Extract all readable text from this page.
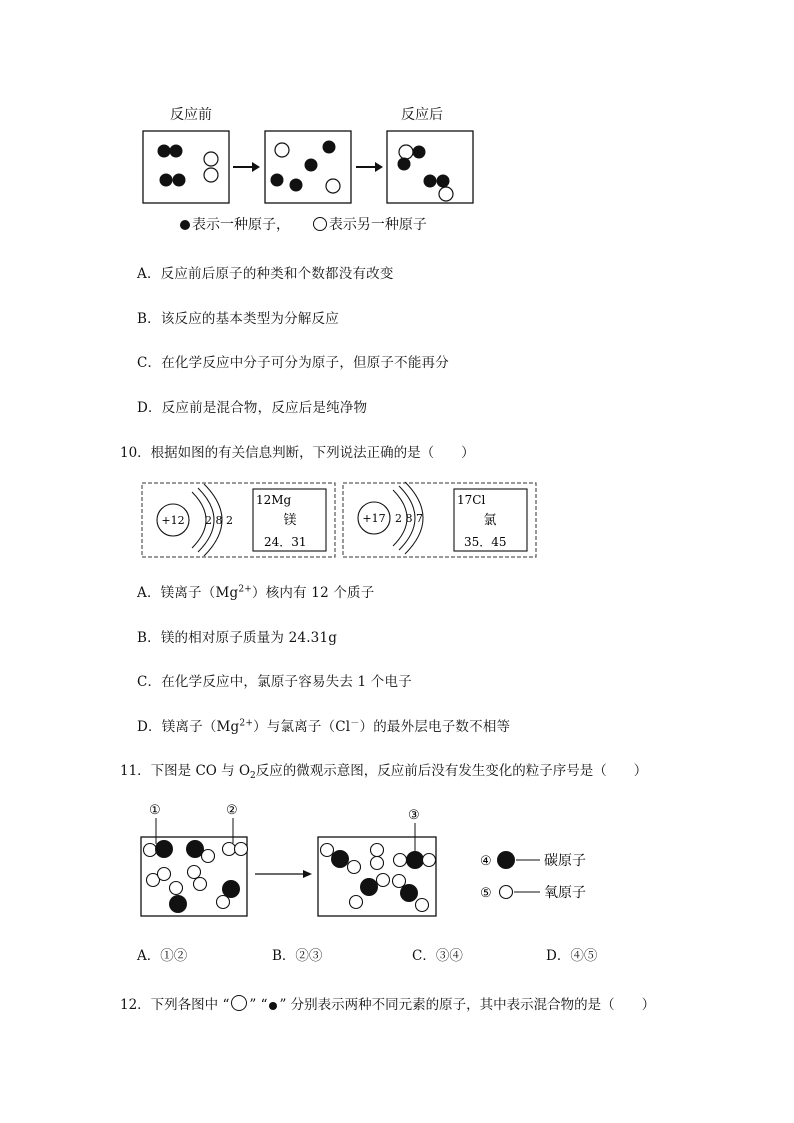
反应前	反应后
表示一种原子，	表示另一种原子
A．反应前后原子的种类和个数都没有改变
B．该反应的基本类型为分解反应
C．在化学反应中分子可分为原子，但原子不能再分
D．反应前是混合物，反应后是纯净物
10．根据如图的有关信息判断，下列说法正确的是（　　）
+12 2 8 2
12Mg
镁
24．31
+17 2 8 7
17Cl
氯
35．45
A．镁离子$(Mg^{2+})$核内有 12 个质子
B．镁的相对原子质量为 24.31g
C．在化学反应中，氯原子容易失去 1 个电子
D．镁离子$(Mg^{2+})$与氯离子（Cl－）的最外层电子数不相等
11．下图是 CO 与 $O_2$反应的微观示意图，反应前后没有发生变化的粒子序号是（　　）
①	②	③
④	碳原子
⑤	氧原子
A．①②	B．②③	C．③④	D．④⑤
12．下列各图中 “ ” “ ” 分别表示两种不同元素的原子，其中表示混合物的是（　　）
